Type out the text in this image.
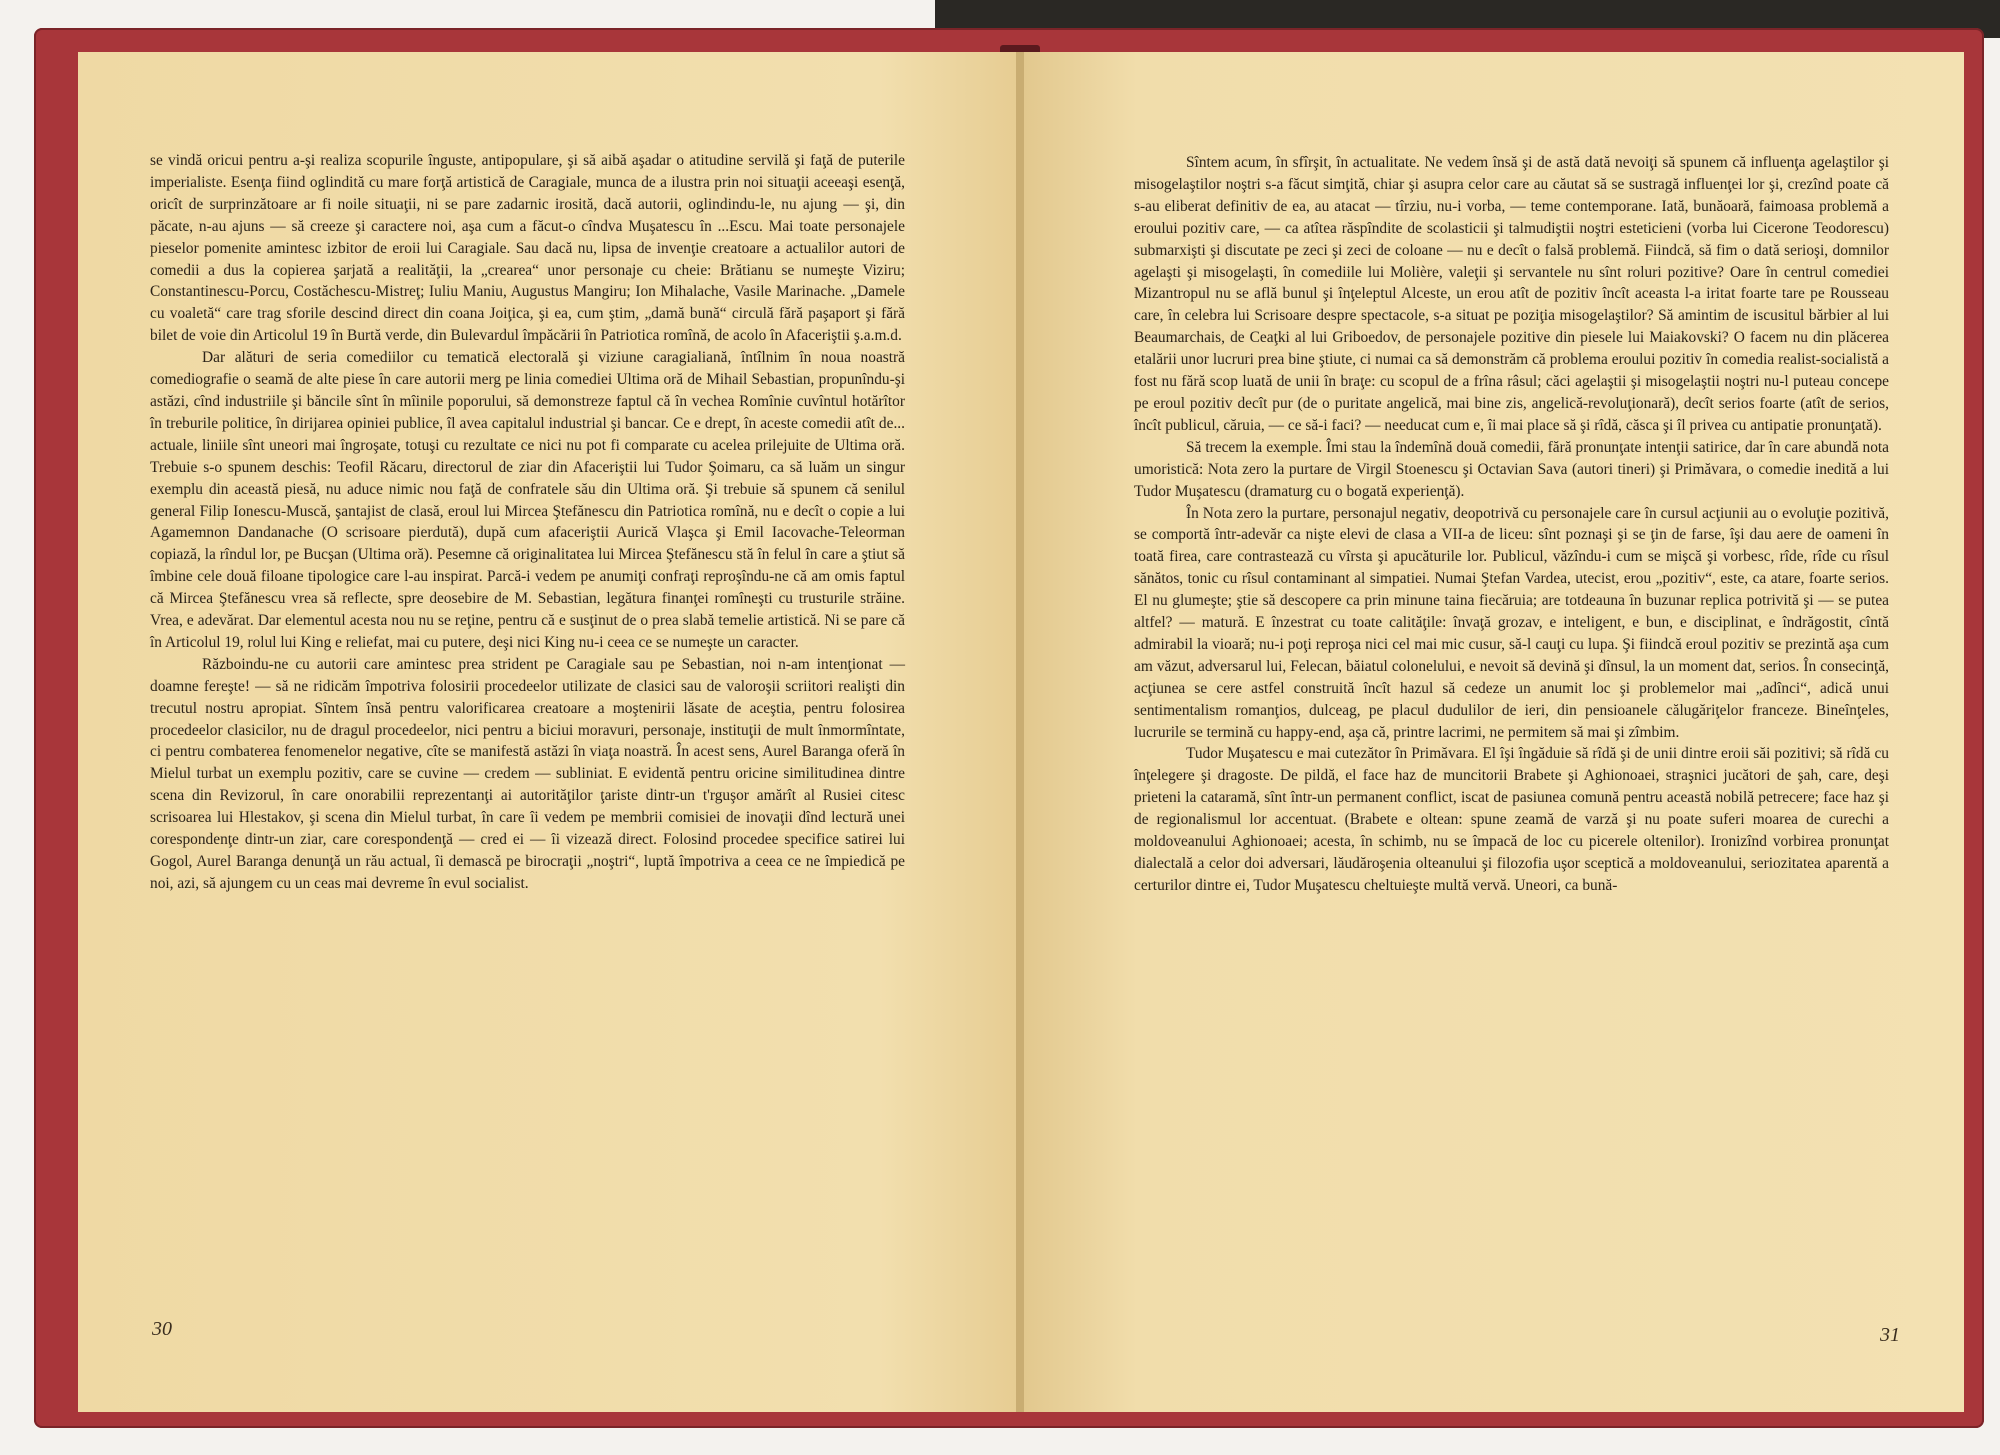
se vindă oricui pentru a-şi realiza scopurile înguste, antipopulare, şi să aibă aşadar o atitudine servilă şi faţă de puterile imperialiste. Esenţa fiind oglindită cu mare forţă artistică de Caragiale, munca de a ilustra prin noi situaţii aceeaşi esenţă, oricît de surprinzătoare ar fi noile situaţii, ni se pare zadarnic irosită, dacă autorii, oglindindu-le, nu ajung — şi, din păcate, n-au ajuns — să creeze şi caractere noi, aşa cum a făcut-o cîndva Muşatescu în ...Escu. Mai toate personajele pieselor pomenite amintesc izbitor de eroii lui Caragiale. Sau dacă nu, lipsa de invenţie creatoare a actualilor autori de comedii a dus la copierea şarjată a realităţii, la „crearea“ unor personaje cu cheie: Brătianu se numeşte Viziru; Constantinescu-Porcu, Costăchescu-Mistreţ; Iuliu Maniu, Augustus Mangiru; Ion Mihalache, Vasile Marinache. „Damele cu voaletă“ care trag sforile descind direct din coana Joiţica, şi ea, cum ştim, „damă bună“ circulă fără paşaport şi fără bilet de voie din Articolul 19 în Burtă verde, din Bulevardul împăcării în Patriotica romînă, de acolo în Afaceriştii ş.a.m.d.

Dar alături de seria comediilor cu tematică electorală şi viziune caragialiană, întîlnim în noua noastră comediografie o seamă de alte piese în care autorii merg pe linia comediei Ultima oră de Mihail Sebastian, propunîndu-şi astăzi, cînd industriile şi băncile sînt în mîinile poporului, să demonstreze faptul că în vechea Romînie cuvîntul hotărîtor în treburile politice, în dirijarea opiniei publice, îl avea capitalul industrial şi bancar. Ce e drept, în aceste comedii atît de... actuale, liniile sînt uneori mai îngroşate, totuşi cu rezultate ce nici nu pot fi comparate cu acelea prilejuite de Ultima oră. Trebuie s-o spunem deschis: Teofil Răcaru, directorul de ziar din Afaceriştii lui Tudor Şoimaru, ca să luăm un singur exemplu din această piesă, nu aduce nimic nou faţă de confratele său din Ultima oră. Şi trebuie să spunem că senilul general Filip Ionescu-Muscă, şantajist de clasă, eroul lui Mircea Ştefănescu din Patriotica romînă, nu e decît o copie a lui Agamemnon Dandanache (O scrisoare pierdută), după cum afaceriştii Aurică Vlaşca şi Emil Iacovache-Teleorman copiază, la rîndul lor, pe Bucşan (Ultima oră). Pesemne că originalitatea lui Mircea Ştefănescu stă în felul în care a ştiut să îmbine cele două filoane tipologice care l-au inspirat. Parcă-i vedem pe anumiţi confraţi reproşîndu-ne că am omis faptul că Mircea Ştefănescu vrea să reflecte, spre deosebire de M. Sebastian, legătura finanţei romîneşti cu trusturile străine. Vrea, e adevărat. Dar elementul acesta nou nu se reţine, pentru că e susţinut de o prea slabă temelie artistică. Ni se pare că în Articolul 19, rolul lui King e reliefat, mai cu putere, deşi nici King nu-i ceea ce se numeşte un caracter.

Războindu-ne cu autorii care amintesc prea strident pe Caragiale sau pe Sebastian, noi n-am intenţionat — doamne fereşte! — să ne ridicăm împotriva folosirii procedeelor utilizate de clasici sau de valoroşii scriitori realişti din trecutul nostru apropiat. Sîntem însă pentru valorificarea creatoare a moştenirii lăsate de aceştia, pentru folosirea procedeelor clasicilor, nu de dragul procedeelor, nici pentru a biciui moravuri, personaje, instituţii de mult înmormîntate, ci pentru combaterea fenomenelor negative, cîte se manifestă astăzi în viaţa noastră. În acest sens, Aurel Baranga oferă în Mielul turbat un exemplu pozitiv, care se cuvine — credem — subliniat. E evidentă pentru oricine similitudinea dintre scena din Revizorul, în care onorabilii reprezentanţi ai autorităţilor ţariste dintr-un t'rguşor amărît al Rusiei citesc scrisoarea lui Hlestakov, şi scena din Mielul turbat, în care îi vedem pe membrii comisiei de inovaţii dînd lectură unei corespondenţe dintr-un ziar, care corespondenţă — cred ei — îi vizează direct. Folosind procedee specifice satirei lui Gogol, Aurel Baranga denunţă un rău actual, îi demască pe birocraţii „noştri“, luptă împotriva a ceea ce ne împiedică pe noi, azi, să ajungem cu un ceas mai devreme în evul socialist.

30

Sîntem acum, în sfîrşit, în actualitate. Ne vedem însă şi de astă dată nevoiţi să spunem că influenţa agelaştilor şi misogelaştilor noştri s-a făcut simţită, chiar şi asupra celor care au căutat să se sustragă influenţei lor şi, crezînd poate că s-au eliberat definitiv de ea, au atacat — tîrziu, nu-i vorba, — teme contemporane. Iată, bunăoară, faimoasa problemă a eroului pozitiv care, — ca atîtea răspîndite de scolasticii şi talmudiştii noştri esteticieni (vorba lui Cicerone Teodorescu) submarxişti şi discutate pe zeci şi zeci de coloane — nu e decît o falsă problemă. Fiindcă, să fim o dată serioşi, domnilor agelaşti şi misogelaşti, în comediile lui Molière, valeţii şi servantele nu sînt roluri pozitive? Oare în centrul comediei Mizantropul nu se află bunul şi înţeleptul Alceste, un erou atît de pozitiv încît aceasta l-a iritat foarte tare pe Rousseau care, în celebra lui Scrisoare despre spectacole, s-a situat pe poziţia misogelaştilor? Să amintim de iscusitul bărbier al lui Beaumarchais, de Ceaţki al lui Griboedov, de personajele pozitive din piesele lui Maiakovski? O facem nu din plăcerea etalării unor lucruri prea bine ştiute, ci numai ca să demonstrăm că problema eroului pozitiv în comedia realist-socialistă a fost nu fără scop luată de unii în braţe: cu scopul de a frîna râsul; căci agelaştii şi misogelaştii noştri nu-l puteau concepe pe eroul pozitiv decît pur (de o puritate angelică, mai bine zis, angelică-revoluţionară), decît serios foarte (atît de serios, încît publicul, căruia, — ce să-i faci? — needucat cum e, îi mai place să şi rîdă, căsca şi îl privea cu antipatie pronunţată).

Să trecem la exemple. Îmi stau la îndemînă două comedii, fără pronunţate intenţii satirice, dar în care abundă nota umoristică: Nota zero la purtare de Virgil Stoenescu şi Octavian Sava (autori tineri) şi Primăvara, o comedie inedită a lui Tudor Muşatescu (dramaturg cu o bogată experienţă).

În Nota zero la purtare, personajul negativ, deopotrivă cu personajele care în cursul acţiunii au o evoluţie pozitivă, se comportă într-adevăr ca nişte elevi de clasa a VII-a de liceu: sînt poznaşi şi se ţin de farse, îşi dau aere de oameni în toată firea, care contrastează cu vîrsta şi apucăturile lor. Publicul, văzîndu-i cum se mişcă şi vorbesc, rîde, rîde cu rîsul sănătos, tonic cu rîsul contaminant al simpatiei. Numai Ştefan Vardea, utecist, erou „pozitiv“, este, ca atare, foarte serios. El nu glumeşte; ştie să descopere ca prin minune taina fiecăruia; are totdeauna în buzunar replica potrivită şi — se putea altfel? — matură. E înzestrat cu toate calităţile: învaţă grozav, e inteligent, e bun, e disciplinat, e îndrăgostit, cîntă admirabil la vioară; nu-i poţi reproşa nici cel mai mic cusur, să-l cauţi cu lupa. Şi fiindcă eroul pozitiv se prezintă aşa cum am văzut, adversarul lui, Felecan, băiatul colonelului, e nevoit să devină şi dînsul, la un moment dat, serios. În consecinţă, acţiunea se cere astfel construită încît hazul să cedeze un anumit loc şi problemelor mai „adînci“, adică unui sentimentalism romanţios, dulceag, pe placul dudulilor de ieri, din pensioanele călugăriţelor franceze. Bineînţeles, lucrurile se termină cu happy-end, aşa că, printre lacrimi, ne permitem să mai şi zîmbim.

Tudor Muşatescu e mai cutezător în Primăvara. El îşi îngăduie să rîdă şi de unii dintre eroii săi pozitivi; să rîdă cu înţelegere şi dragoste. De pildă, el face haz de muncitorii Brabete şi Aghionoaei, straşnici jucători de şah, care, deşi prieteni la cataramă, sînt într-un permanent conflict, iscat de pasiunea comună pentru această nobilă petrecere; face haz şi de regionalismul lor accentuat. (Brabete e oltean: spune zeamă de varză şi nu poate suferi moarea de curechi a moldoveanului Aghionoaei; acesta, în schimb, nu se împacă de loc cu picerele oltenilor). Ironizînd vorbirea pronunţat dialectală a celor doi adversari, lăudăroşenia olteanului şi filozofia uşor sceptică a moldoveanului, seriozitatea aparentă a certurilor dintre ei, Tudor Muşatescu cheltuieşte multă vervă. Uneori, ca bună-

31
